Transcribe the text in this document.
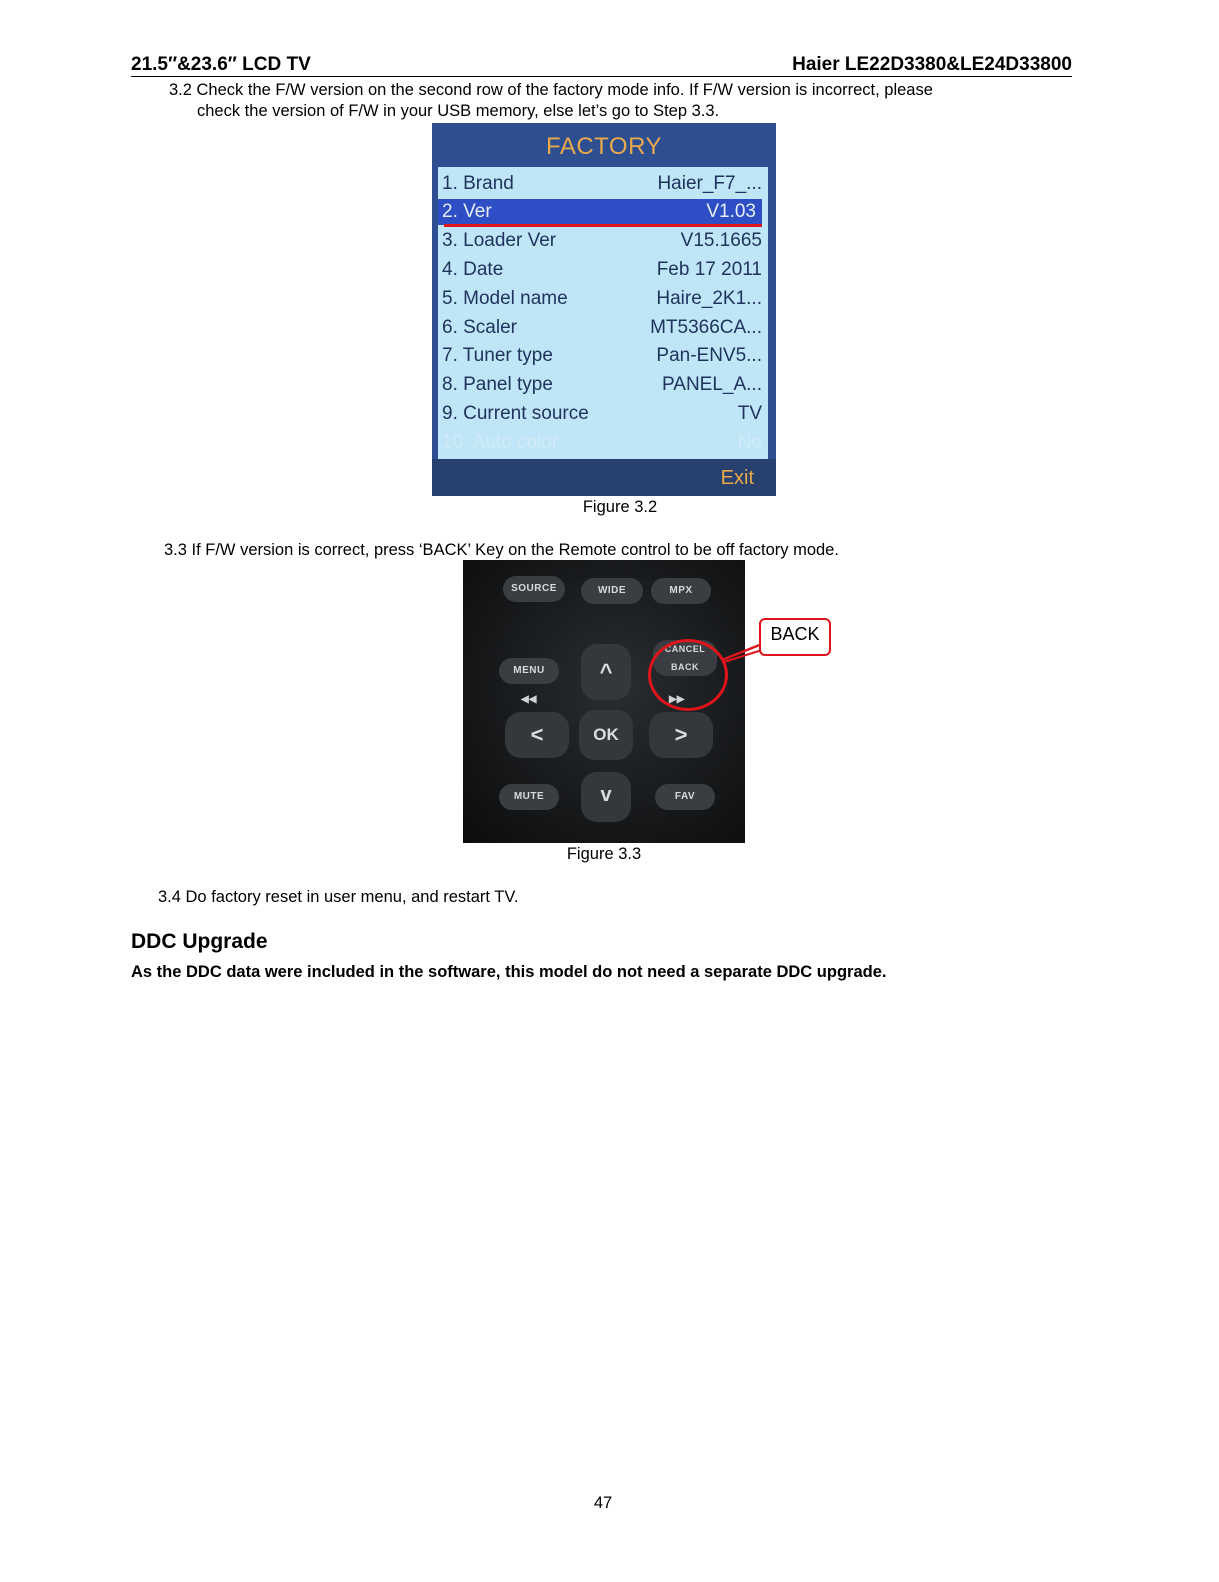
21.5″&23.6″ LCD TV	Haier LE22D3380&LE24D33800
3.2 Check the F/W version on the second row of the factory mode info. If F/W version is incorrect, please
check the version of F/W in your USB memory, else let’s go to Step 3.3.
FACTORY
1. Brand	Haier_F7_...
2. Ver	V1.03
3. Loader Ver	V15.1665
4. Date	Feb 17 2011
5. Model name	Haire_2K1...
6. Scaler	MT5366CA...
7. Tuner type	Pan-ENV5...
8. Panel type	PANEL_A...
9. Current source	TV
10. Auto color	No
Exit
Figure 3.2
3.3 If F/W version is correct, press ‘BACK’ Key on the Remote control to be off factory mode.
SOURCE	WIDE	MPX
MENU
◀◀
CANCEL
BACK
▶▶
^
<	OK	>
v
MUTE	FAV
BACK
Figure 3.3
3.4 Do factory reset in user menu, and restart TV.
DDC Upgrade
As the DDC data were included in the software, this model do not need a separate DDC upgrade.
47
